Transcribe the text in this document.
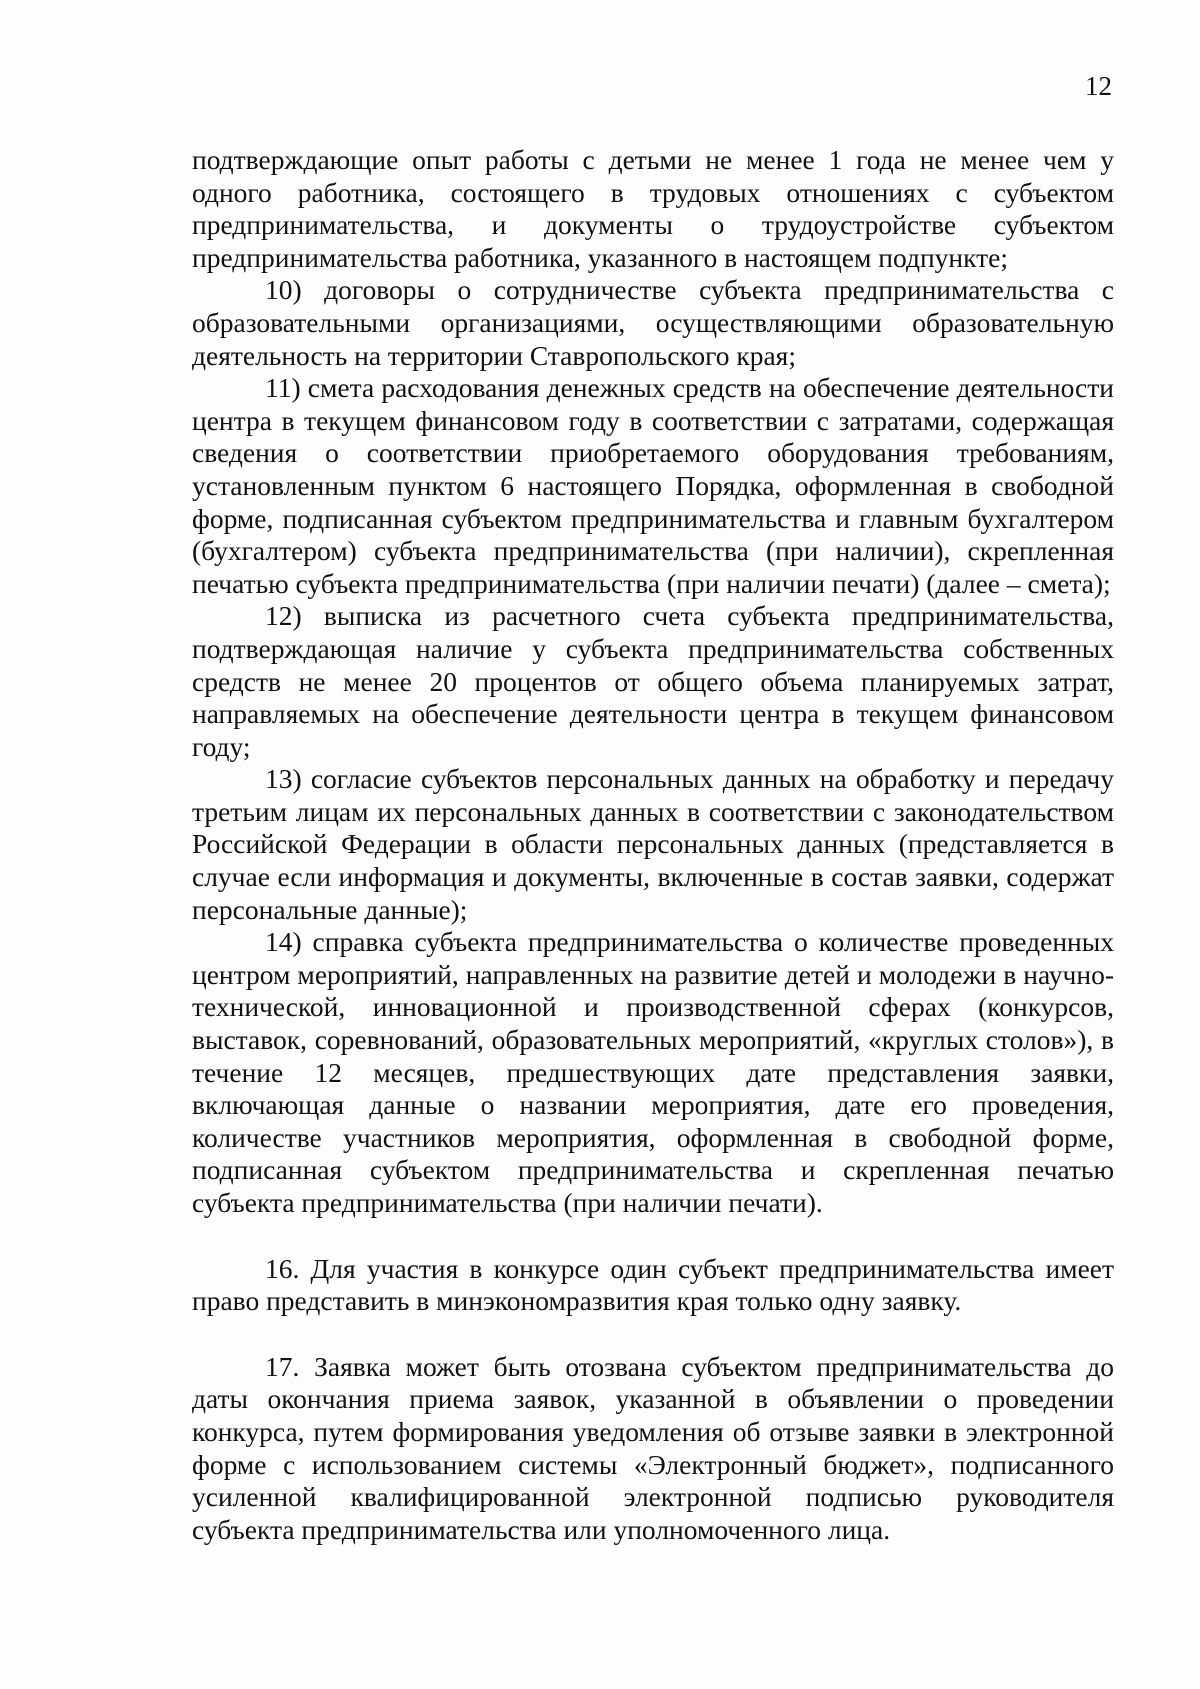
12

подтверждающие опыт работы с детьми не менее 1 года не менее чем у одного работника, состоящего в трудовых отношениях с субъектом предпринимательства, и документы о трудоустройстве субъектом предпринимательства работника, указанного в настоящем подпункте;

10) договоры о сотрудничестве субъекта предпринимательства с образовательными организациями, осуществляющими образовательную деятельность на территории Ставропольского края;

11) смета расходования денежных средств на обеспечение деятельности центра в текущем финансовом году в соответствии с затратами, содержащая сведения о соответствии приобретаемого оборудования требованиям, установленным пунктом 6 настоящего Порядка, оформленная в свободной форме, подписанная субъектом предпринимательства и главным бухгалтером (бухгалтером) субъекта предпринимательства (при наличии), скрепленная печатью субъекта предпринимательства (при наличии печати) (далее – смета);

12) выписка из расчетного счета субъекта предпринимательства, подтверждающая наличие у субъекта предпринимательства собственных средств не менее 20 процентов от общего объема планируемых затрат, направляемых на обеспечение деятельности центра в текущем финансовом году;

13) согласие субъектов персональных данных на обработку и передачу третьим лицам их персональных данных в соответствии с законодательством Российской Федерации в области персональных данных (представляется в случае если информация и документы, включенные в состав заявки, содержат персональные данные);

14) справка субъекта предпринимательства о количестве проведенных центром мероприятий, направленных на развитие детей и молодежи в научно-технической, инновационной и производственной сферах (конкурсов, выставок, соревнований, образовательных мероприятий, «круглых столов»), в течение 12 месяцев, предшествующих дате представления заявки, включающая данные о названии мероприятия, дате его проведения, количестве участников мероприятия, оформленная в свободной форме, подписанная субъектом предпринимательства и скрепленная печатью субъекта предпринимательства (при наличии печати).

16. Для участия в конкурсе один субъект предпринимательства имеет право представить в минэкономразвития края только одну заявку.

17. Заявка может быть отозвана субъектом предпринимательства до даты окончания приема заявок, указанной в объявлении о проведении конкурса, путем формирования уведомления об отзыве заявки в электронной форме с использованием системы «Электронный бюджет», подписанного усиленной квалифицированной электронной подписью руководителя субъекта предпринимательства или уполномоченного лица.
